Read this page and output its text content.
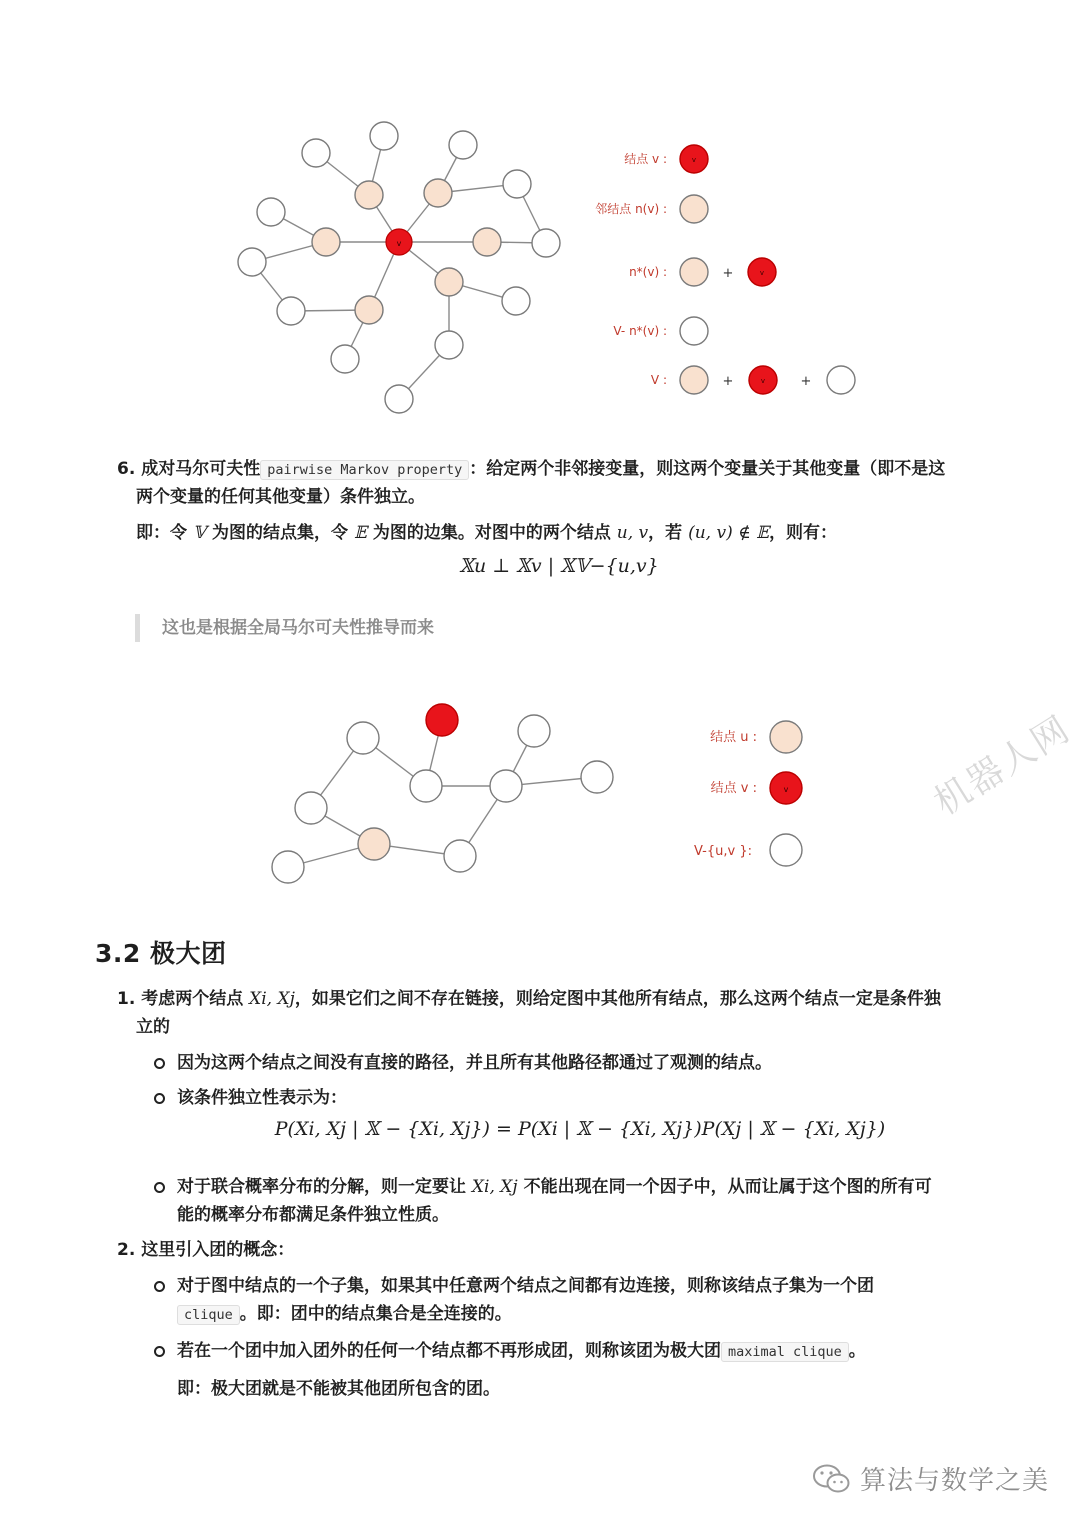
v
结点 v :
邻结点 n(v) :
n*(v) :
V- n*(v) :
V :
v
v
v
+
+	+
6. 成对马尔可夫性 pairwise Markov property ：给定两个非邻接变量，则这两个变量关于其他变量（即不是这
两个变量的任何其他变量）条件独立。
即：令 𝕍 为图的结点集，令 𝔼 为图的边集。对图中的两个结点 u, v，若 (u, v) ∉ 𝔼，则有：
𝕏u ⊥ 𝕏v | 𝕏𝕍−{u,v}
这也是根据全局马尔可夫性推导而来
结点 u :
结点 v :
V-{u,v }:
v	机器人网
3.2 极大团
1. 考虑两个结点 Xi, Xj，如果它们之间不存在链接，则给定图中其他所有结点，那么这两个结点一定是条件独
立的
因为这两个结点之间没有直接的路径，并且所有其他路径都通过了观测的结点。
该条件独立性表示为：
P(Xi, Xj | 𝕏 − {Xi, Xj}) = P(Xi | 𝕏 − {Xi, Xj})P(Xj | 𝕏 − {Xi, Xj})
对于联合概率分布的分解，则一定要让 Xi, Xj 不能出现在同一个因子中，从而让属于这个图的所有可
能的概率分布都满足条件独立性质。
2. 这里引入团的概念：
对于图中结点的一个子集，如果其中任意两个结点之间都有边连接，则称该结点子集为一个团
clique 。即：团中的结点集合是全连接的。
若在一个团中加入团外的任何一个结点都不再形成团，则称该团为极大团 maximal clique 。
即：极大团就是不能被其他团所包含的团。
算法与数学之美
